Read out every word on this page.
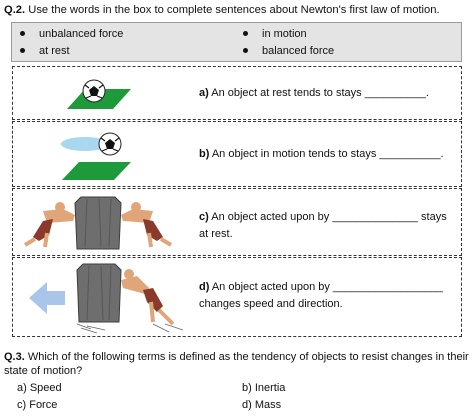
Q.2. Use the words in the box to complete sentences about Newton's first law of motion.
unbalanced force	in motion
at rest	balanced force
a) An object at rest tends to stays __________.
b) An object in motion tends to stays __________.
c) An object acted upon by ______________ stays
at rest.
d) An object acted upon by __________________
changes speed and direction.
Q.3. Which of the following terms is defined as the tendency of objects to resist changes in their state of motion?
a) Speed	b) Inertia
c) Force	d) Mass
